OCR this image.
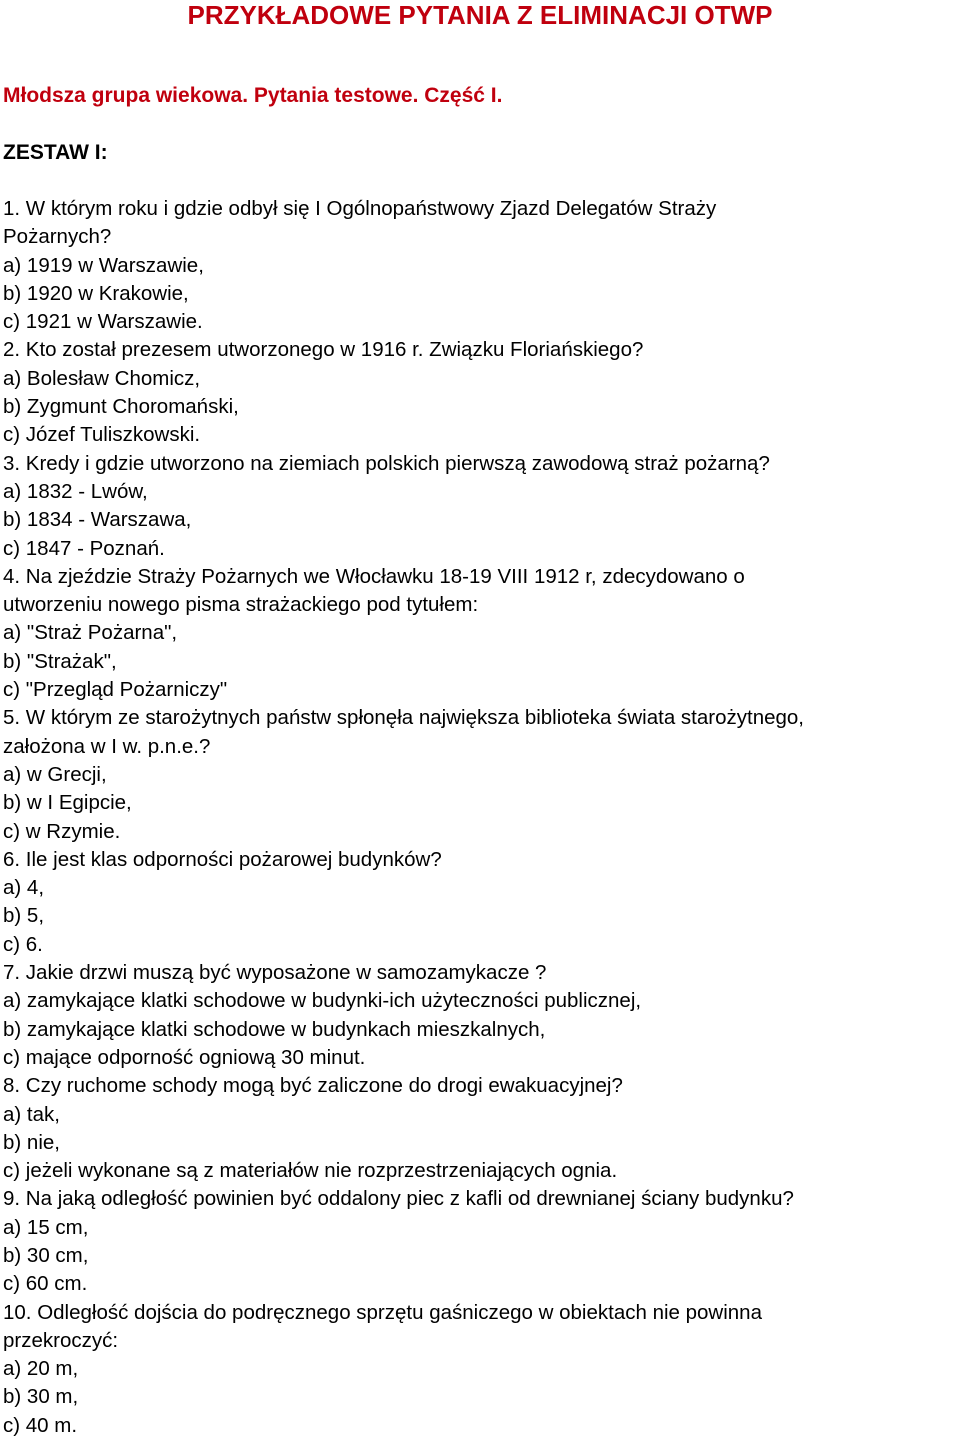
PRZYKŁADOWE PYTANIA Z ELIMINACJI OTWP
Młodsza grupa wiekowa. Pytania testowe. Część I.
ZESTAW I:
1. W którym roku i gdzie odbył się I Ogólnopaństwowy Zjazd Delegatów Straży
Pożarnych?
a) 1919 w Warszawie,
b) 1920 w Krakowie,
c) 1921 w Warszawie.
2. Kto został prezesem utworzonego w 1916 r. Związku Floriańskiego?
a) Bolesław Chomicz,
b) Zygmunt Choromański,
c) Józef Tuliszkowski.
3. Kredy i gdzie utworzono na ziemiach polskich pierwszą zawodową straż pożarną?
a) 1832 - Lwów,
b) 1834 - Warszawa,
c) 1847 - Poznań.
4. Na zjeździe Straży Pożarnych we Włocławku 18-19 VIII 1912 r, zdecydowano o
utworzeniu nowego pisma strażackiego pod tytułem:
a) "Straż Pożarna",
b) "Strażak",
c) "Przegląd Pożarniczy"
5. W którym ze starożytnych państw spłonęła największa biblioteka świata starożytnego,
założona w I w. p.n.e.?
a) w Grecji,
b) w I Egipcie,
c) w Rzymie.
6. Ile jest klas odporności pożarowej budynków?
a) 4,
b) 5,
c) 6.
7. Jakie drzwi muszą być wyposażone w samozamykacze ?
a) zamykające klatki schodowe w budynki-ich użyteczności publicznej,
b) zamykające klatki schodowe w budynkach mieszkalnych,
c) mające odporność ogniową 30 minut.
8. Czy ruchome schody mogą być zaliczone do drogi ewakuacyjnej?
a) tak,
b) nie,
c) jeżeli wykonane są z materiałów nie rozprzestrzeniających ognia.
9. Na jaką odległość powinien być oddalony piec z kafli od drewnianej ściany budynku?
a) 15 cm,
b) 30 cm,
c) 60 cm.
10. Odległość dojścia do podręcznego sprzętu gaśniczego w obiektach nie powinna
przekroczyć:
a) 20 m,
b) 30 m,
c) 40 m.
